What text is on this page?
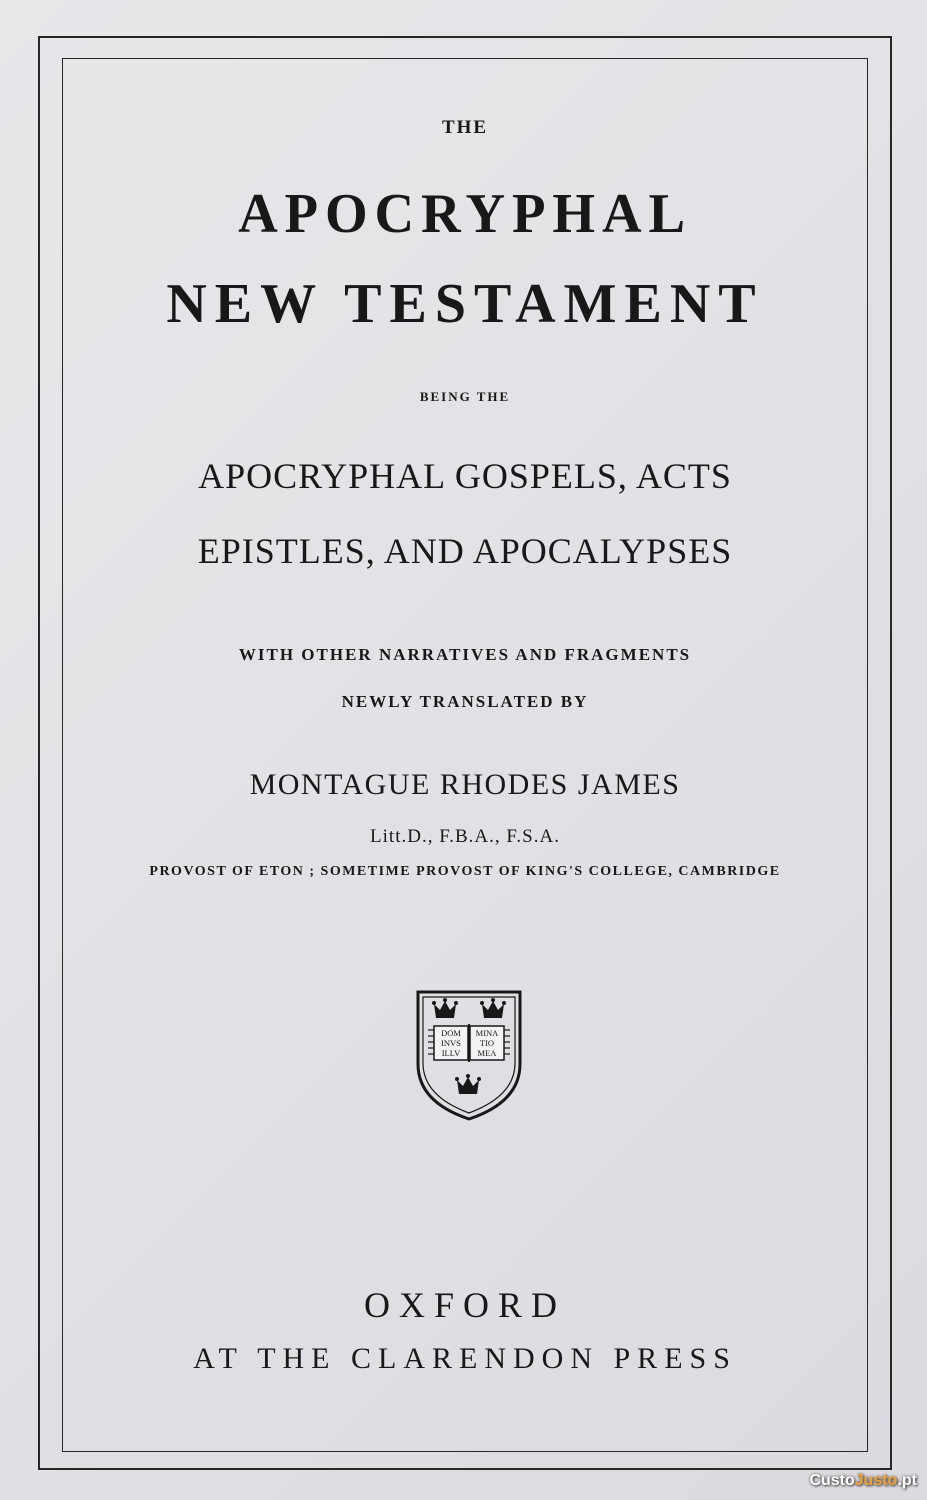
THE
APOCRYPHAL
NEW TESTAMENT
BEING THE
APOCRYPHAL GOSPELS, ACTS
EPISTLES, AND APOCALYPSES
WITH OTHER NARRATIVES AND FRAGMENTS
NEWLY TRANSLATED BY
MONTAGUE RHODES JAMES
Litt.D., F.B.A., F.S.A.
PROVOST OF ETON ; SOMETIME PROVOST OF KING'S COLLEGE, CAMBRIDGE
DOM
INVS
ILLV
MINA
TIO
MEA
OXFORD
AT THE CLARENDON PRESS
CustoJusto.pt
